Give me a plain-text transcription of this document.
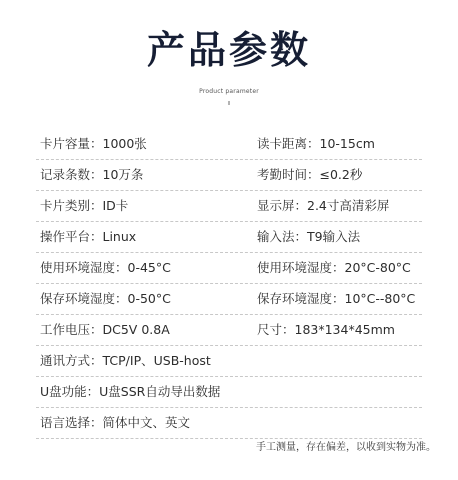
产品参数
Product parameter
II
卡片容量：1000张	读卡距离：10-15cm
记录条数：10万条	考勤时间：≤0.2秒
卡片类别：ID卡	显示屏：2.4寸高清彩屏
操作平台：Linux	输入法：T9输入法
使用环境湿度：0-45°C	使用环境湿度：20°C-80°C
保存环境湿度：0-50°C	保存环境湿度：10°C--80°C
工作电压：DC5V 0.8A	尺寸：183*134*45mm
通讯方式：TCP/IP、USB-host
U盘功能：U盘SSR自动导出数据
语言选择：简体中文、英文
手工测量，存在偏差，以收到实物为准。
